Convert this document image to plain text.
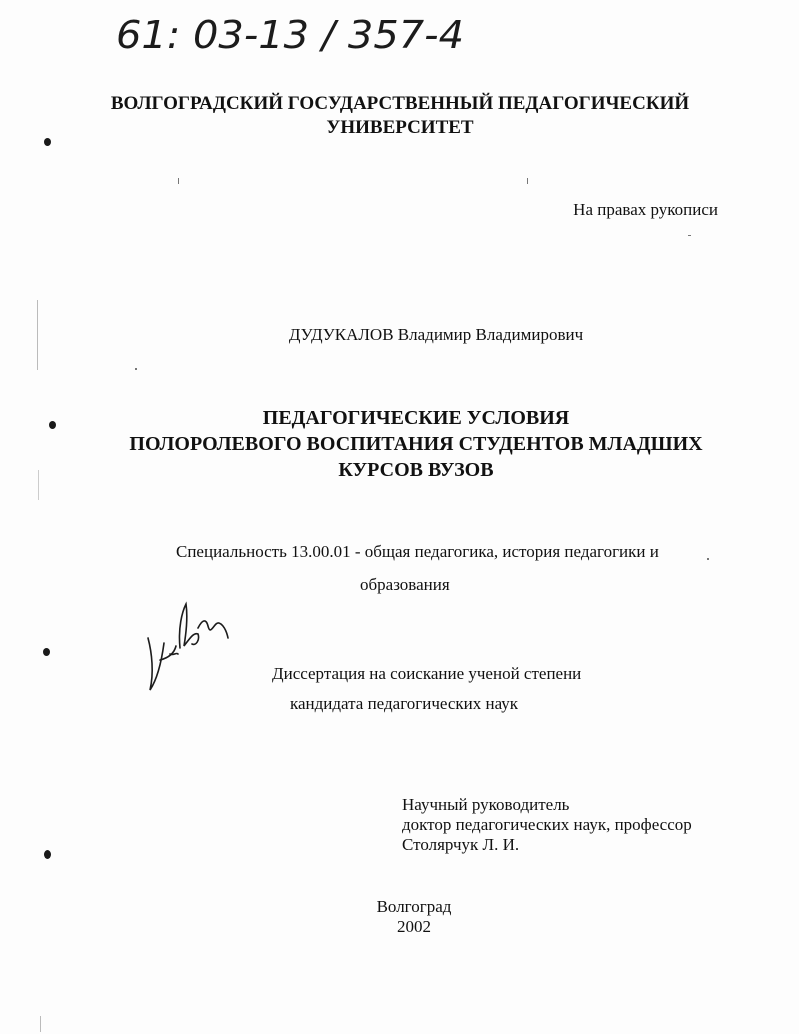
61: 03-13 / 357-4
ВОЛГОГРАДСКИЙ ГОСУДАРСТВЕННЫЙ ПЕДАГОГИЧЕСКИЙ
УНИВЕРСИТЕТ
На правах рукописи
ДУДУКАЛОВ Владимир Владимирович
ПЕДАГОГИЧЕСКИЕ УСЛОВИЯ
ПОЛОРОЛЕВОГО ВОСПИТАНИЯ СТУДЕНТОВ МЛАДШИХ
КУРСОВ ВУЗОВ
Специальность 13.00.01 - общая педагогика, история педагогики и
образования
Диссертация на соискание ученой степени
кандидата педагогических наук
Научный руководитель
доктор педагогических наук, профессор
Столярчук Л. И.
Волгоград
2002
